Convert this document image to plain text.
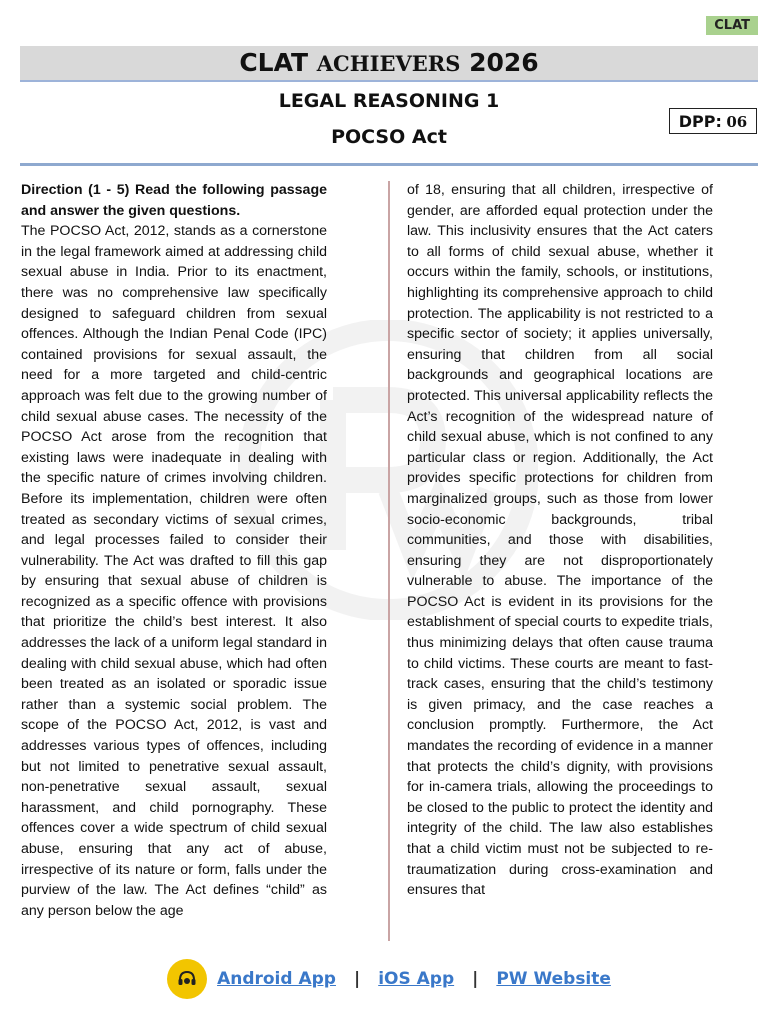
CLAT
CLAT ACHIEVERS 2026
LEGAL REASONING 1
POCSO Act
DPP: 06

Direction (1 - 5) Read the following passage and answer the given questions.

The POCSO Act, 2012, stands as a cornerstone in the legal framework aimed at addressing child sexual abuse in India. Prior to its enactment, there was no comprehensive law specifically designed to safeguard children from sexual offences. Although the Indian Penal Code (IPC) contained provisions for sexual assault, the need for a more targeted and child-centric approach was felt due to the growing number of child sexual abuse cases. The necessity of the POCSO Act arose from the recognition that existing laws were inadequate in dealing with the specific nature of crimes involving children. Before its implementation, children were often treated as secondary victims of sexual crimes, and legal processes failed to consider their vulnerability. The Act was drafted to fill this gap by ensuring that sexual abuse of children is recognized as a specific offence with provisions that prioritize the child’s best interest. It also addresses the lack of a uniform legal standard in dealing with child sexual abuse, which had often been treated as an isolated or sporadic issue rather than a systemic social problem. The scope of the POCSO Act, 2012, is vast and addresses various types of offences, including but not limited to penetrative sexual assault, non-penetrative sexual assault, sexual harassment, and child pornography. These offences cover a wide spectrum of child sexual abuse, ensuring that any act of abuse, irrespective of its nature or form, falls under the purview of the law. The Act defines “child” as any person below the age

of 18, ensuring that all children, irrespective of gender, are afforded equal protection under the law. This inclusivity ensures that the Act caters to all forms of child sexual abuse, whether it occurs within the family, schools, or institutions, highlighting its comprehensive approach to child protection. The applicability is not restricted to a specific sector of society; it applies universally, ensuring that children from all social backgrounds and geographical locations are protected. This universal applicability reflects the Act’s recognition of the widespread nature of child sexual abuse, which is not confined to any particular class or region. Additionally, the Act provides specific protections for children from marginalized groups, such as those from lower socio-economic backgrounds, tribal communities, and those with disabilities, ensuring they are not disproportionately vulnerable to abuse. The importance of the POCSO Act is evident in its provisions for the establishment of special courts to expedite trials, thus minimizing delays that often cause trauma to child victims. These courts are meant to fast-track cases, ensuring that the child’s testimony is given primacy, and the case reaches a conclusion promptly. Furthermore, the Act mandates the recording of evidence in a manner that protects the child’s dignity, with provisions for in-camera trials, allowing the proceedings to be closed to the public to protect the identity and integrity of the child. The law also establishes that a child victim must not be subjected to re-traumatization during cross-examination and ensures that

Android App | iOS App | PW Website
